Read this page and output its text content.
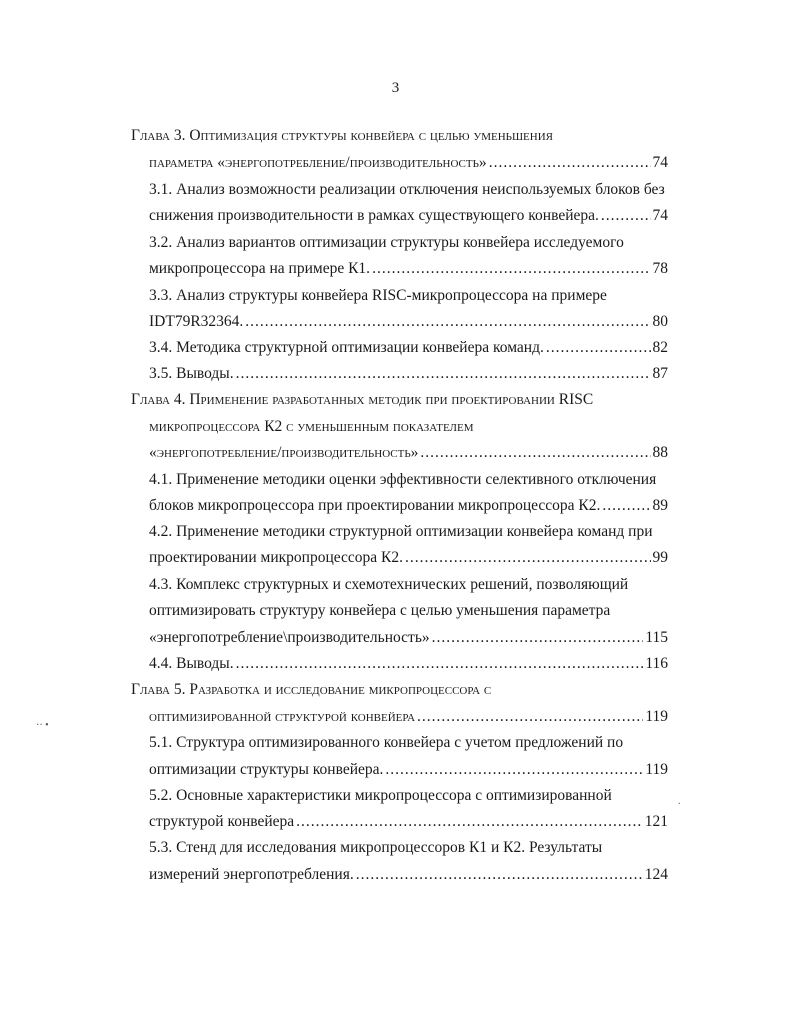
3
Глава 3. Оптимизация структуры конвейера с целью уменьшения
параметра «энергопотребление/производительность» .....	74
3.1. Анализ возможности реализации отключения неиспользуемых блоков без
снижения производительности в рамках существующего конвейера. .....	74
3.2. Анализ вариантов оптимизации структуры конвейера исследуемого
микропроцессора на примере К1. .....	78
3.3. Анализ структуры конвейера RISC-микропроцессора на примере
IDT79R32364. .....	80
3.4. Методика структурной оптимизации конвейера команд. .....	82
3.5. Выводы. .....	87
Глава 4. Применение разработанных методик при проектировании RISC
микропроцессора К2 с уменьшенным показателем
«энергопотребление/производительность» .....	88
4.1. Применение методики оценки эффективности селективного отключения
блоков микропроцессора при проектировании микропроцессора К2. .....	89
4.2. Применение методики структурной оптимизации конвейера команд при
проектировании микропроцессора К2. .....	99
4.3. Комплекс структурных и схемотехнических решений, позволяющий
оптимизировать структуру конвейера с целью уменьшения параметра
«энергопотребление\производительность» .....	115
4.4. Выводы. .....	116
Глава 5. Разработка и исследование микропроцессора с
оптимизированной структурой конвейера .....	119
5.1. Структура оптимизированного конвейера с учетом предложений по
оптимизации структуры конвейера. .....	119
5.2. Основные характеристики микропроцессора с оптимизированной
структурой конвейера .....	121
5.3. Стенд для исследования микропроцессоров К1 и К2. Результаты
измерений энергопотребления. .....	124
·· •
.
